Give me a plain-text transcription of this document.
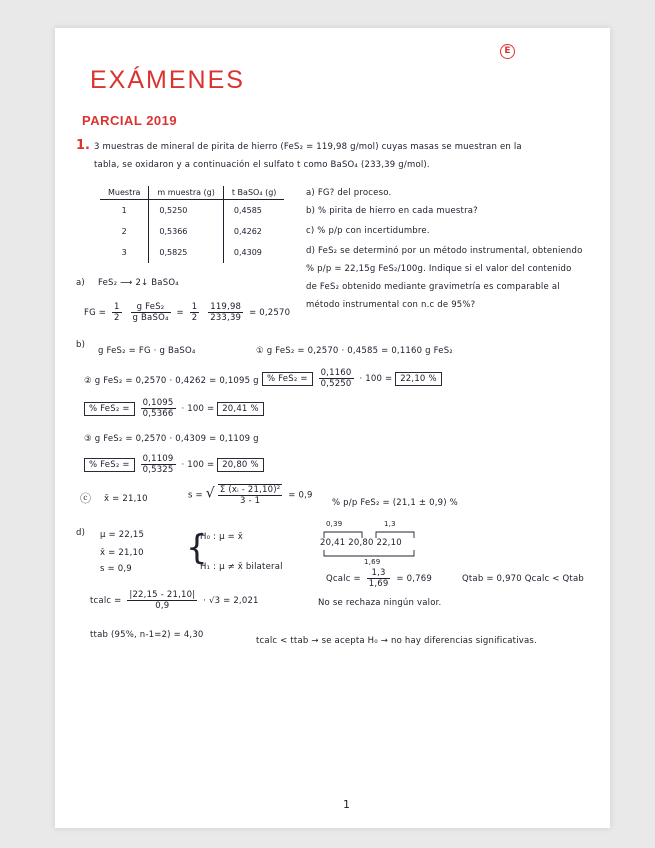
E
EXÁMENES
PARCIAL 2019
1. 3 muestras de mineral de pirita de hierro (FeS₂ = 119,98 g/mol) cuyas masas se muestran en la
tabla, se oxidaron y a continuación el sulfato t como BaSO₄ (233,39 g/mol).
Muestra	m muestra (g)	t BaSO₄ (g)
1	0,5250	0,4585
2	0,5366	0,4262
3	0,5825	0,4309
a) FG? del proceso.
b) % pirita de hierro en cada muestra?
c) % p/p con incertidumbre.
d) FeS₂ se determinó por un método instrumental, obteniendo
% p/p = 22,15g FeS₂/100g. Indique si el valor del contenido
de FeS₂ obtenido mediante gravimetría es comparable al
método instrumental con n.c de 95%?
a) FeS₂ ⟶ 2↓ BaSO₄
FG = $\frac{1}{2}$
$\frac{\text{g FeS₂}}{\text{g BaSO₄}} = \frac{1}{2}$
$\frac{119,98}{233,39} = 0,2570$
b)
g FeS₂ = FG · g BaSO₄	① g FeS₂ = 0,2570 · 0,4585 = 0,1160 g FeS₂
② g FeS₂ = 0,2570 · 0,4262 = 0,1095 g % $FeS_2 = \frac{0,1160}{0,5250} \cdot 100 = 22,10$ %
% $FeS_2 = \frac{0,1095}{0,5366} \cdot 100 = 20,41$ %
③ g FeS₂ = 0,2570 · 0,4309 = 0,1109 g
% $FeS_2 = \frac{0,1109}{0,5325} \cdot 100 = 20,80$ %
ⓒ x̄ = 21,10	s = √ $\frac{\text{Σ (xᵢ - 21,10)²}}{3 - 1} = 0,9$
% p/p FeS₂ = (21,1 ± 0,9) %
d) μ = 22,15
x̄ = 21,10
s = 0,9
{
H₀ : μ = x̄
H₁ : μ ≠ x̄ bilateral
0,39	1,3
20,41 20,80 22,10
1,69
Qcalc = $\frac{1,3}{1,69} = 0,769$	Qtab = 0,970 Qcalc < Qtab
No se rechaza ningún valor.
tcalc = $\frac{|22,15 - 21,10|}{0,9} \cdot √3 = 2,021$
ttab (95%, n-1=2) = 4,30
tcalc < ttab → se acepta H₀ → no hay diferencias significativas.
1
